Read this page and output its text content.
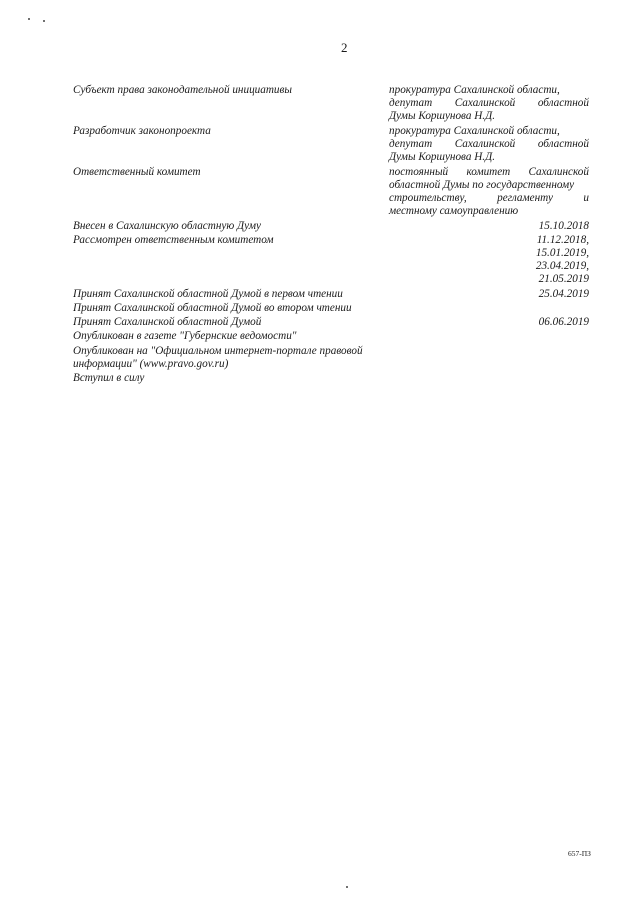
2
Субъект права законодательной инициативы	прокуратура Сахалинской области,
депутат Сахалинской областной
Думы Коршунова Н.Д.
Разработчик законопроекта	прокуратура Сахалинской области,
депутат Сахалинской областной
Думы Коршунова Н.Д.
Ответственный комитет	постоянный комитет Сахалинской
областной Думы по государственному
строительству, регламенту и
местному самоуправлению
Внесен в Сахалинскую областную Думу	15.10.2018
Рассмотрен ответственным комитетом	11.12.2018,
15.01.2019,
23.04.2019,
21.05.2019
Принят Сахалинской областной Думой в первом чтении	25.04.2019
Принят Сахалинской областной Думой во втором чтении
Принят Сахалинской областной Думой	06.06.2019
Опубликован в газете "Губернские ведомости"
Опубликован на "Официальном интернет-портале правовой
информации" (www.pravo.gov.ru)
Вступил в силу
657-ПЗ
